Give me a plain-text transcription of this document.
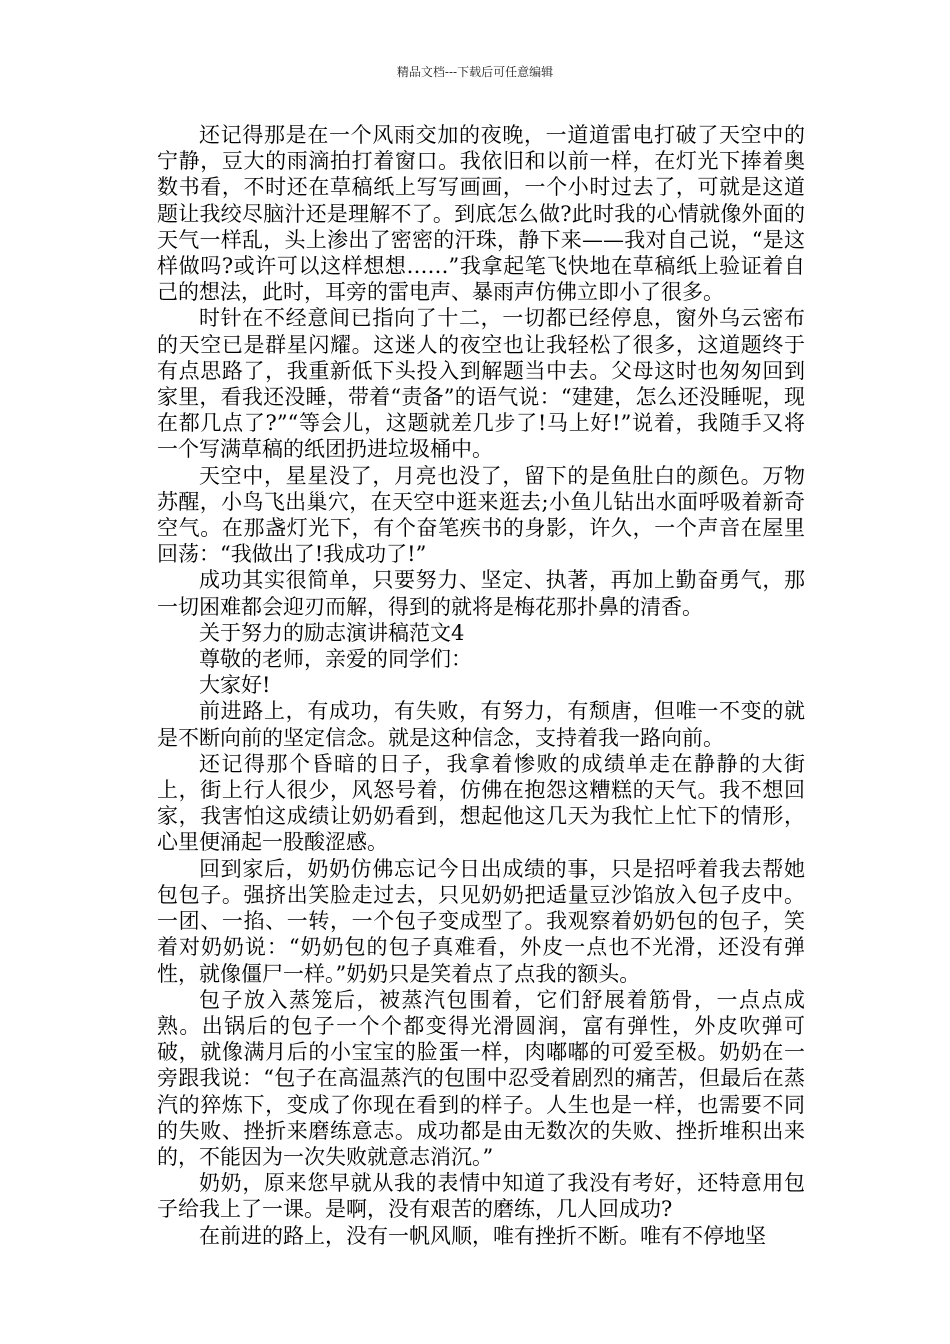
精品文档---下载后可任意编辑

还记得那是在一个风雨交加的夜晚，一道道雷电打破了天空中的宁静，豆大的雨滴拍打着窗口。我依旧和以前一样，在灯光下捧着奥数书看，不时还在草稿纸上写写画画，一个小时过去了，可就是这道题让我绞尽脑汁还是理解不了。到底怎么做?此时我的心情就像外面的天气一样乱，头上渗出了密密的汗珠，静下来——我对自己说，“是这样做吗?或许可以这样想想……”我拿起笔飞快地在草稿纸上验证着自己的想法，此时，耳旁的雷电声、暴雨声仿佛立即小了很多。

时针在不经意间已指向了十二，一切都已经停息，窗外乌云密布的天空已是群星闪耀。这迷人的夜空也让我轻松了很多，这道题终于有点思路了，我重新低下头投入到解题当中去。父母这时也匆匆回到家里，看我还没睡，带着“责备”的语气说：“建建，怎么还没睡呢，现在都几点了?”“等会儿，这题就差几步了!马上好!”说着，我随手又将一个写满草稿的纸团扔进垃圾桶中。

天空中，星星没了，月亮也没了，留下的是鱼肚白的颜色。万物苏醒，小鸟飞出巢穴，在天空中逛来逛去;小鱼儿钻出水面呼吸着新奇空气。在那盏灯光下，有个奋笔疾书的身影，许久，一个声音在屋里回荡：“我做出了!我成功了!”

成功其实很简单，只要努力、坚定、执著，再加上勤奋勇气，那一切困难都会迎刃而解，得到的就将是梅花那扑鼻的清香。

关于努力的励志演讲稿范文4

尊敬的老师，亲爱的同学们：

大家好!

前进路上，有成功，有失败，有努力，有颓唐，但唯一不变的就是不断向前的坚定信念。就是这种信念，支持着我一路向前。

还记得那个昏暗的日子，我拿着惨败的成绩单走在静静的大街上，街上行人很少，风怒号着，仿佛在抱怨这糟糕的天气。我不想回家，我害怕这成绩让奶奶看到，想起他这几天为我忙上忙下的情形，心里便涌起一股酸涩感。

回到家后，奶奶仿佛忘记今日出成绩的事，只是招呼着我去帮她包包子。强挤出笑脸走过去，只见奶奶把适量豆沙馅放入包子皮中。一团、一掐、一转，一个包子变成型了。我观察着奶奶包的包子，笑着对奶奶说：“奶奶包的包子真难看，外皮一点也不光滑，还没有弹性，就像僵尸一样。”奶奶只是笑着点了点我的额头。

包子放入蒸笼后，被蒸汽包围着，它们舒展着筋骨，一点点成熟。出锅后的包子一个个都变得光滑圆润，富有弹性，外皮吹弹可破，就像满月后的小宝宝的脸蛋一样，肉嘟嘟的可爱至极。奶奶在一旁跟我说：“包子在高温蒸汽的包围中忍受着剧烈的痛苦，但最后在蒸汽的猝炼下，变成了你现在看到的样子。人生也是一样，也需要不同的失败、挫折来磨练意志。成功都是由无数次的失败、挫折堆积出来的，不能因为一次失败就意志消沉。”

奶奶，原来您早就从我的表情中知道了我没有考好，还特意用包子给我上了一课。是啊，没有艰苦的磨练，几人回成功?

在前进的路上，没有一帆风顺，唯有挫折不断。唯有不停地坚
